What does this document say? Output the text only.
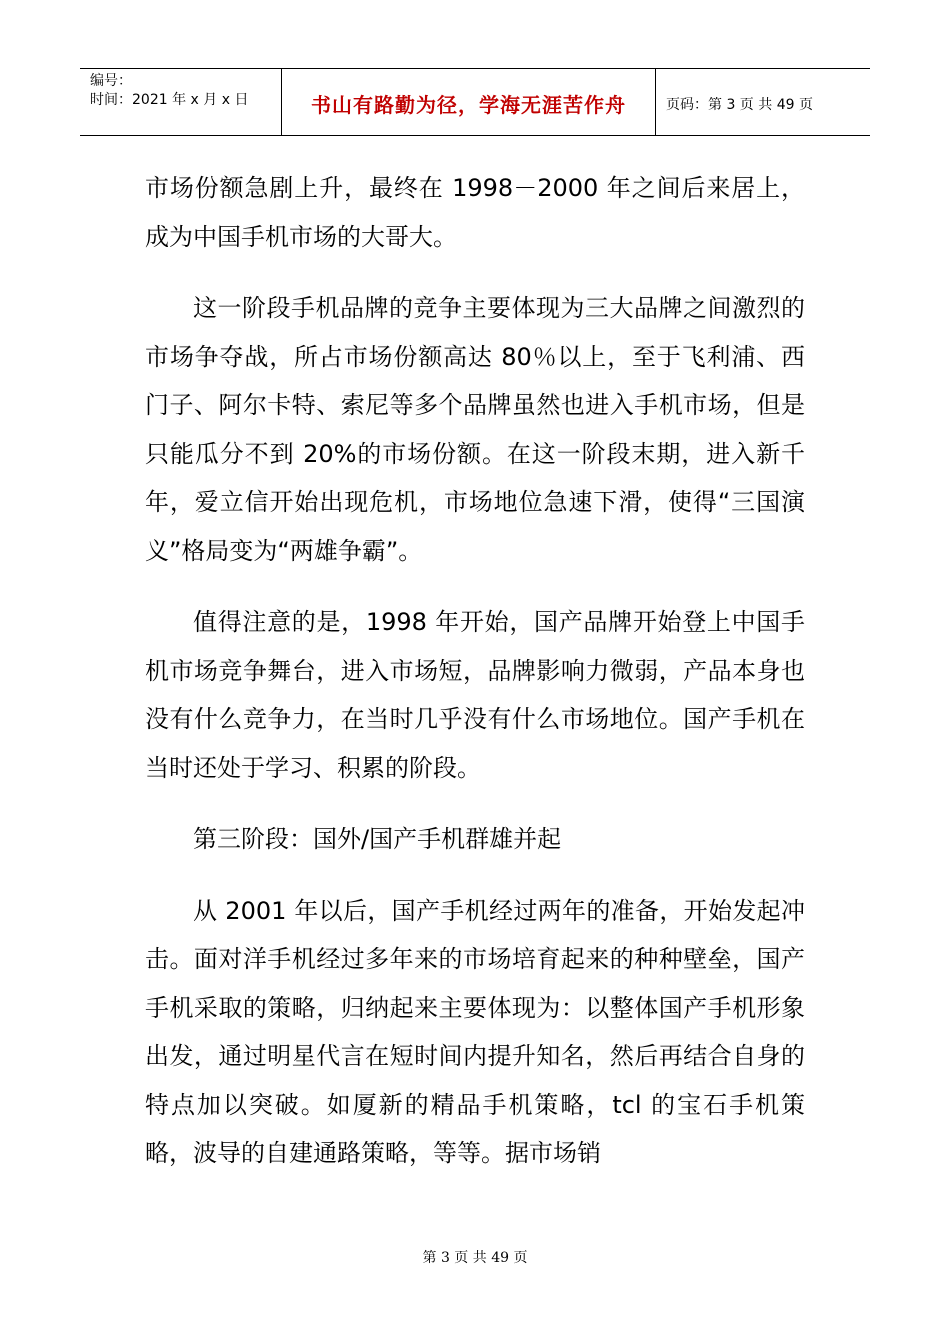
编号：
时间：2021 年 x 月 x 日	书山有路勤为径，学海无涯苦作舟	页码：第 3 页 共 49 页

市场份额急剧上升，最终在 1998－2000 年之间后来居上，成为中国手机市场的大哥大。

这一阶段手机品牌的竞争主要体现为三大品牌之间激烈的市场争夺战，所占市场份额高达 80％以上，至于飞利浦、西门子、阿尔卡特、索尼等多个品牌虽然也进入手机市场，但是只能瓜分不到 20%的市场份额。在这一阶段末期，进入新千年，爱立信开始出现危机，市场地位急速下滑，使得“三国演义”格局变为“两雄争霸”。

值得注意的是，1998 年开始，国产品牌开始登上中国手机市场竞争舞台，进入市场短，品牌影响力微弱，产品本身也没有什么竞争力，在当时几乎没有什么市场地位。国产手机在当时还处于学习、积累的阶段。

第三阶段：国外/国产手机群雄并起

从 2001 年以后，国产手机经过两年的准备，开始发起冲击。面对洋手机经过多年来的市场培育起来的种种壁垒，国产手机采取的策略，归纳起来主要体现为：以整体国产手机形象出发，通过明星代言在短时间内提升知名，然后再结合自身的特点加以突破。如厦新的精品手机策略，tcl 的宝石手机策略，波导的自建通路策略，等等。据市场销

第 3 页 共 49 页
